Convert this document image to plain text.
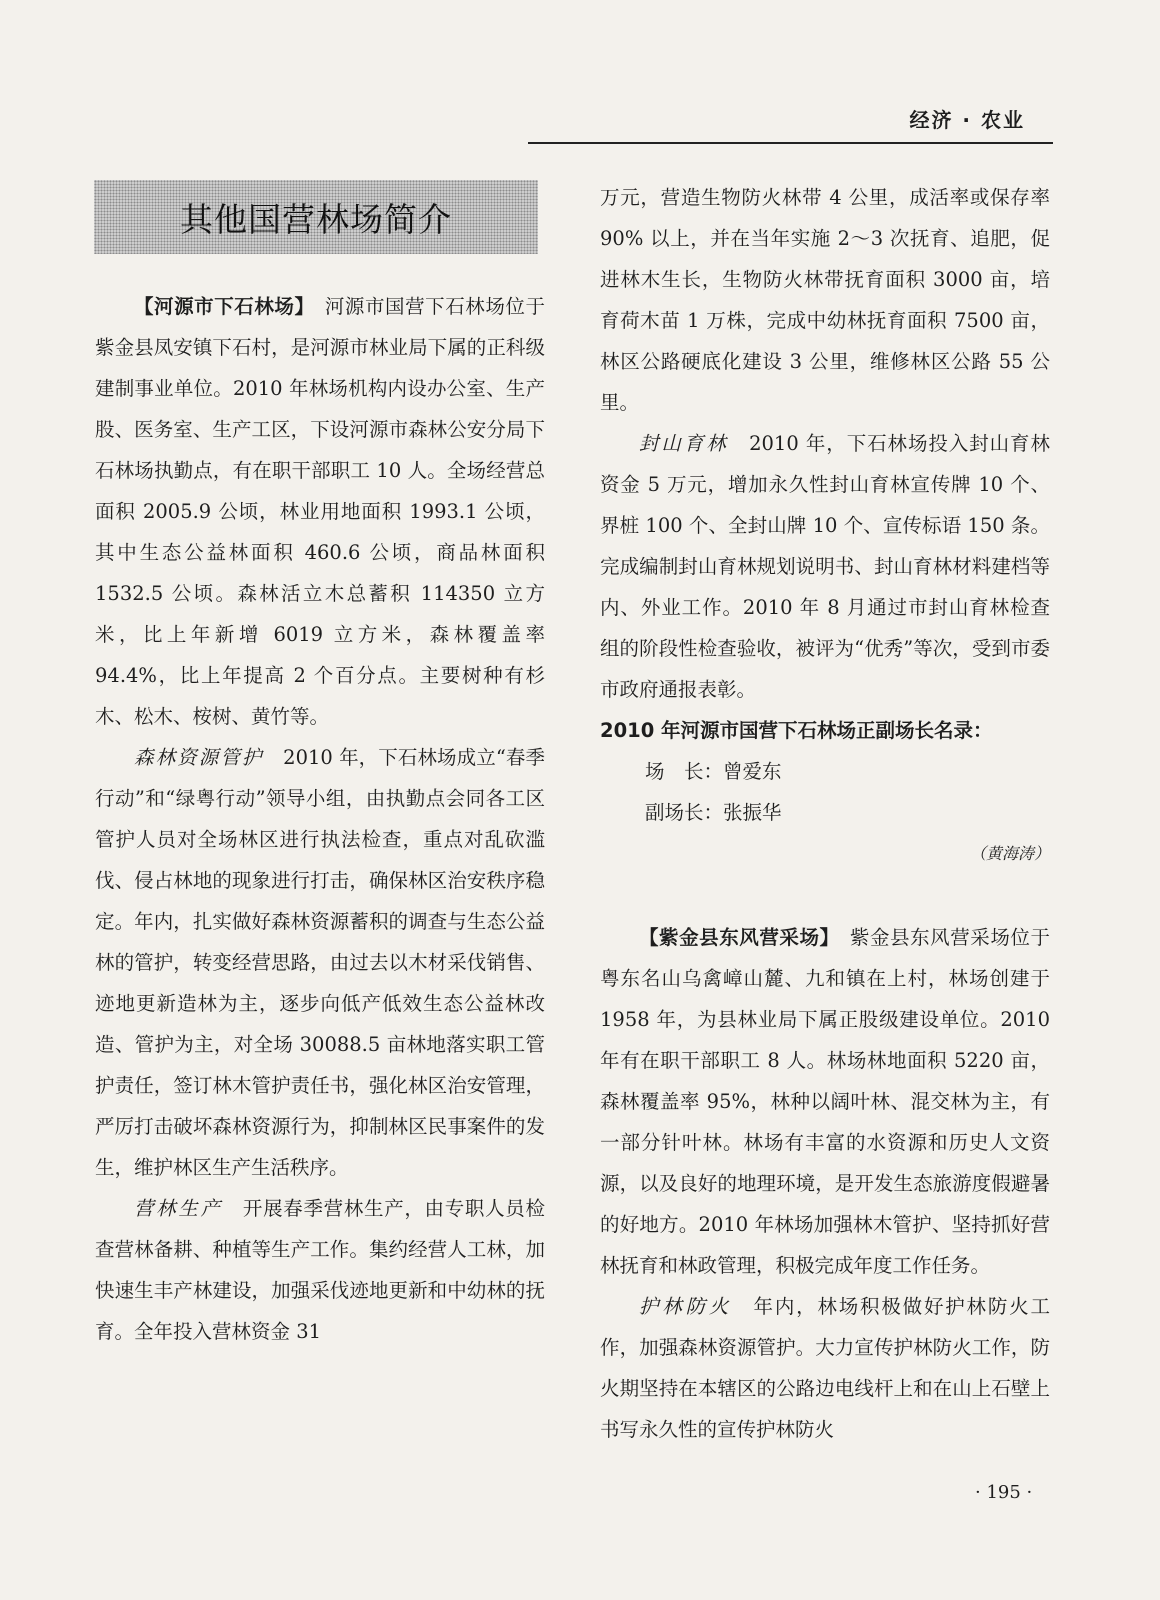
经济 · 农业
其他国营林场简介

【河源市下石林场】　 河源市国营下石林场位于紫金县凤安镇下石村，是河源市林业局下属的正科级建制事业单位。2010 年林场机构内设办公室、生产股、医务室、生产工区，下设河源市森林公安分局下石林场执勤点，有在职干部职工 10 人。全场经营总面积 2005.9 公顷，林业用地面积 1993.1 公顷，其中生态公益林面积 460.6 公顷，商品林面积 1532.5 公顷。森林活立木总蓄积 114350 立方米，比上年新增 6019 立方米，森林覆盖率 94.4%，比上年提高 2 个百分点。主要树种有杉木、松木、桉树、黄竹等。

森林资源管护　 2010 年，下石林场成立“春季行动”和“绿粤行动”领导小组，由执勤点会同各工区管护人员对全场林区进行执法检查，重点对乱砍滥伐、侵占林地的现象进行打击，确保林区治安秩序稳定。年内，扎实做好森林资源蓄积的调查与生态公益林的管护，转变经营思路，由过去以木材采伐销售、迹地更新造林为主，逐步向低产低效生态公益林改造、管护为主，对全场 30088.5 亩林地落实职工管护责任，签订林木管护责任书，强化林区治安管理，严厉打击破坏森林资源行为，抑制林区民事案件的发生，维护林区生产生活秩序。

营林生产　 开展春季营林生产，由专职人员检查营林备耕、种植等生产工作。集约经营人工林，加快速生丰产林建设，加强采伐迹地更新和中幼林的抚育。全年投入营林资金 31

万元，营造生物防火林带 4 公里，成活率或保存率 90% 以上，并在当年实施 2～3 次抚育、追肥，促进林木生长，生物防火林带抚育面积 3000 亩，培育荷木苗 1 万株，完成中幼林抚育面积 7500 亩，林区公路硬底化建设 3 公里，维修林区公路 55 公里。

封山育林　 2010 年，下石林场投入封山育林资金 5 万元，增加永久性封山育林宣传牌 10 个、界桩 100 个、全封山牌 10 个、宣传标语 150 条。完成编制封山育林规划说明书、封山育林材料建档等内、外业工作。2010 年 8 月通过市封山育林检查组的阶段性检查验收，被评为“优秀”等次，受到市委市政府通报表彰。

2010 年河源市国营下石林场正副场长名录：

场　长：曾爱东

副场长：张振华

（黄海涛）

【紫金县东风营采场】　 紫金县东风营采场位于粤东名山乌禽嶂山麓、九和镇在上村，林场创建于 1958 年，为县林业局下属正股级建设单位。2010 年有在职干部职工 8 人。林场林地面积 5220 亩，森林覆盖率 95%，林种以阔叶林、混交林为主，有一部分针叶林。林场有丰富的水资源和历史人文资源，以及良好的地理环境，是开发生态旅游度假避暑的好地方。2010 年林场加强林木管护、坚持抓好营林抚育和林政管理，积极完成年度工作任务。

护林防火　 年内，林场积极做好护林防火工作，加强森林资源管护。大力宣传护林防火工作，防火期坚持在本辖区的公路边电线杆上和在山上石壁上书写永久性的宣传护林防火

· 195 ·
